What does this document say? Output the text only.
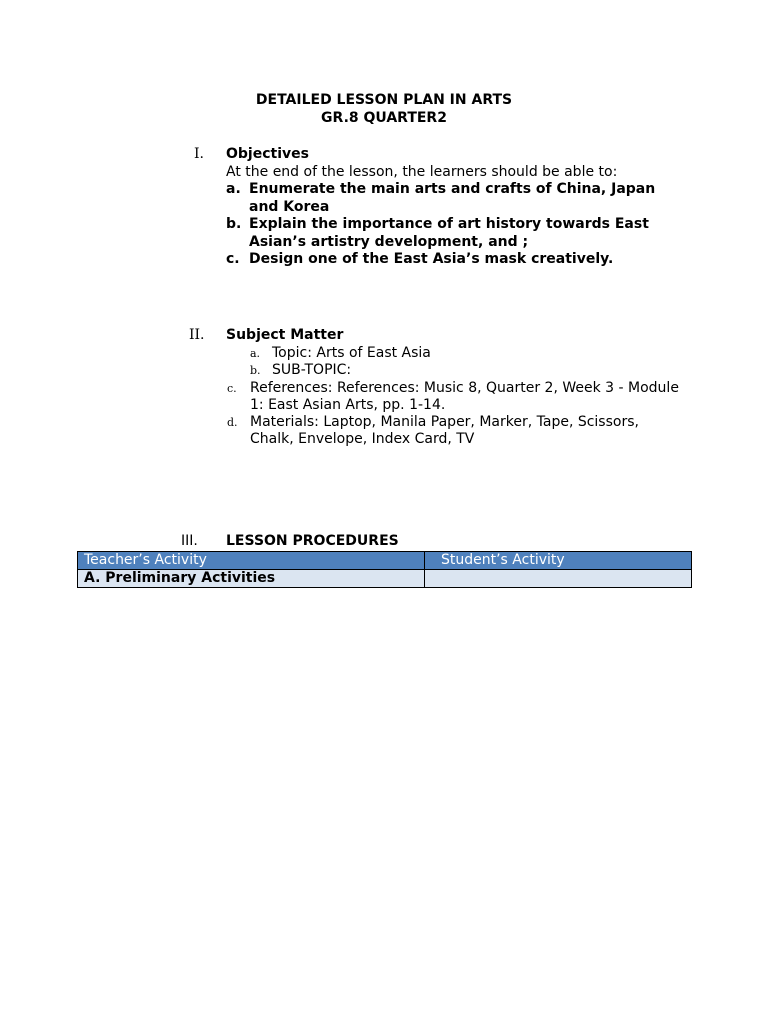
DETAILED LESSON PLAN IN ARTS
GR.8 QUARTER2
I. Objectives
At the end of the lesson, the learners should be able to:
a. Enumerate the main arts and crafts of China, Japan
and Korea
b. Explain the importance of art history towards East
Asian’s artistry development, and ;
c. Design one of the East Asia’s mask creatively.
II. Subject Matter
a. Topic: Arts of East Asia
b. SUB-TOPIC:
c. References: References: Music 8, Quarter 2, Week 3 - Module
1: East Asian Arts, pp. 1-14.
d. Materials: Laptop, Manila Paper, Marker, Tape, Scissors,
Chalk, Envelope, Index Card, TV
III. LESSON PROCEDURES
Teacher’s Activity	Student’s Activity
A. Preliminary Activities	
